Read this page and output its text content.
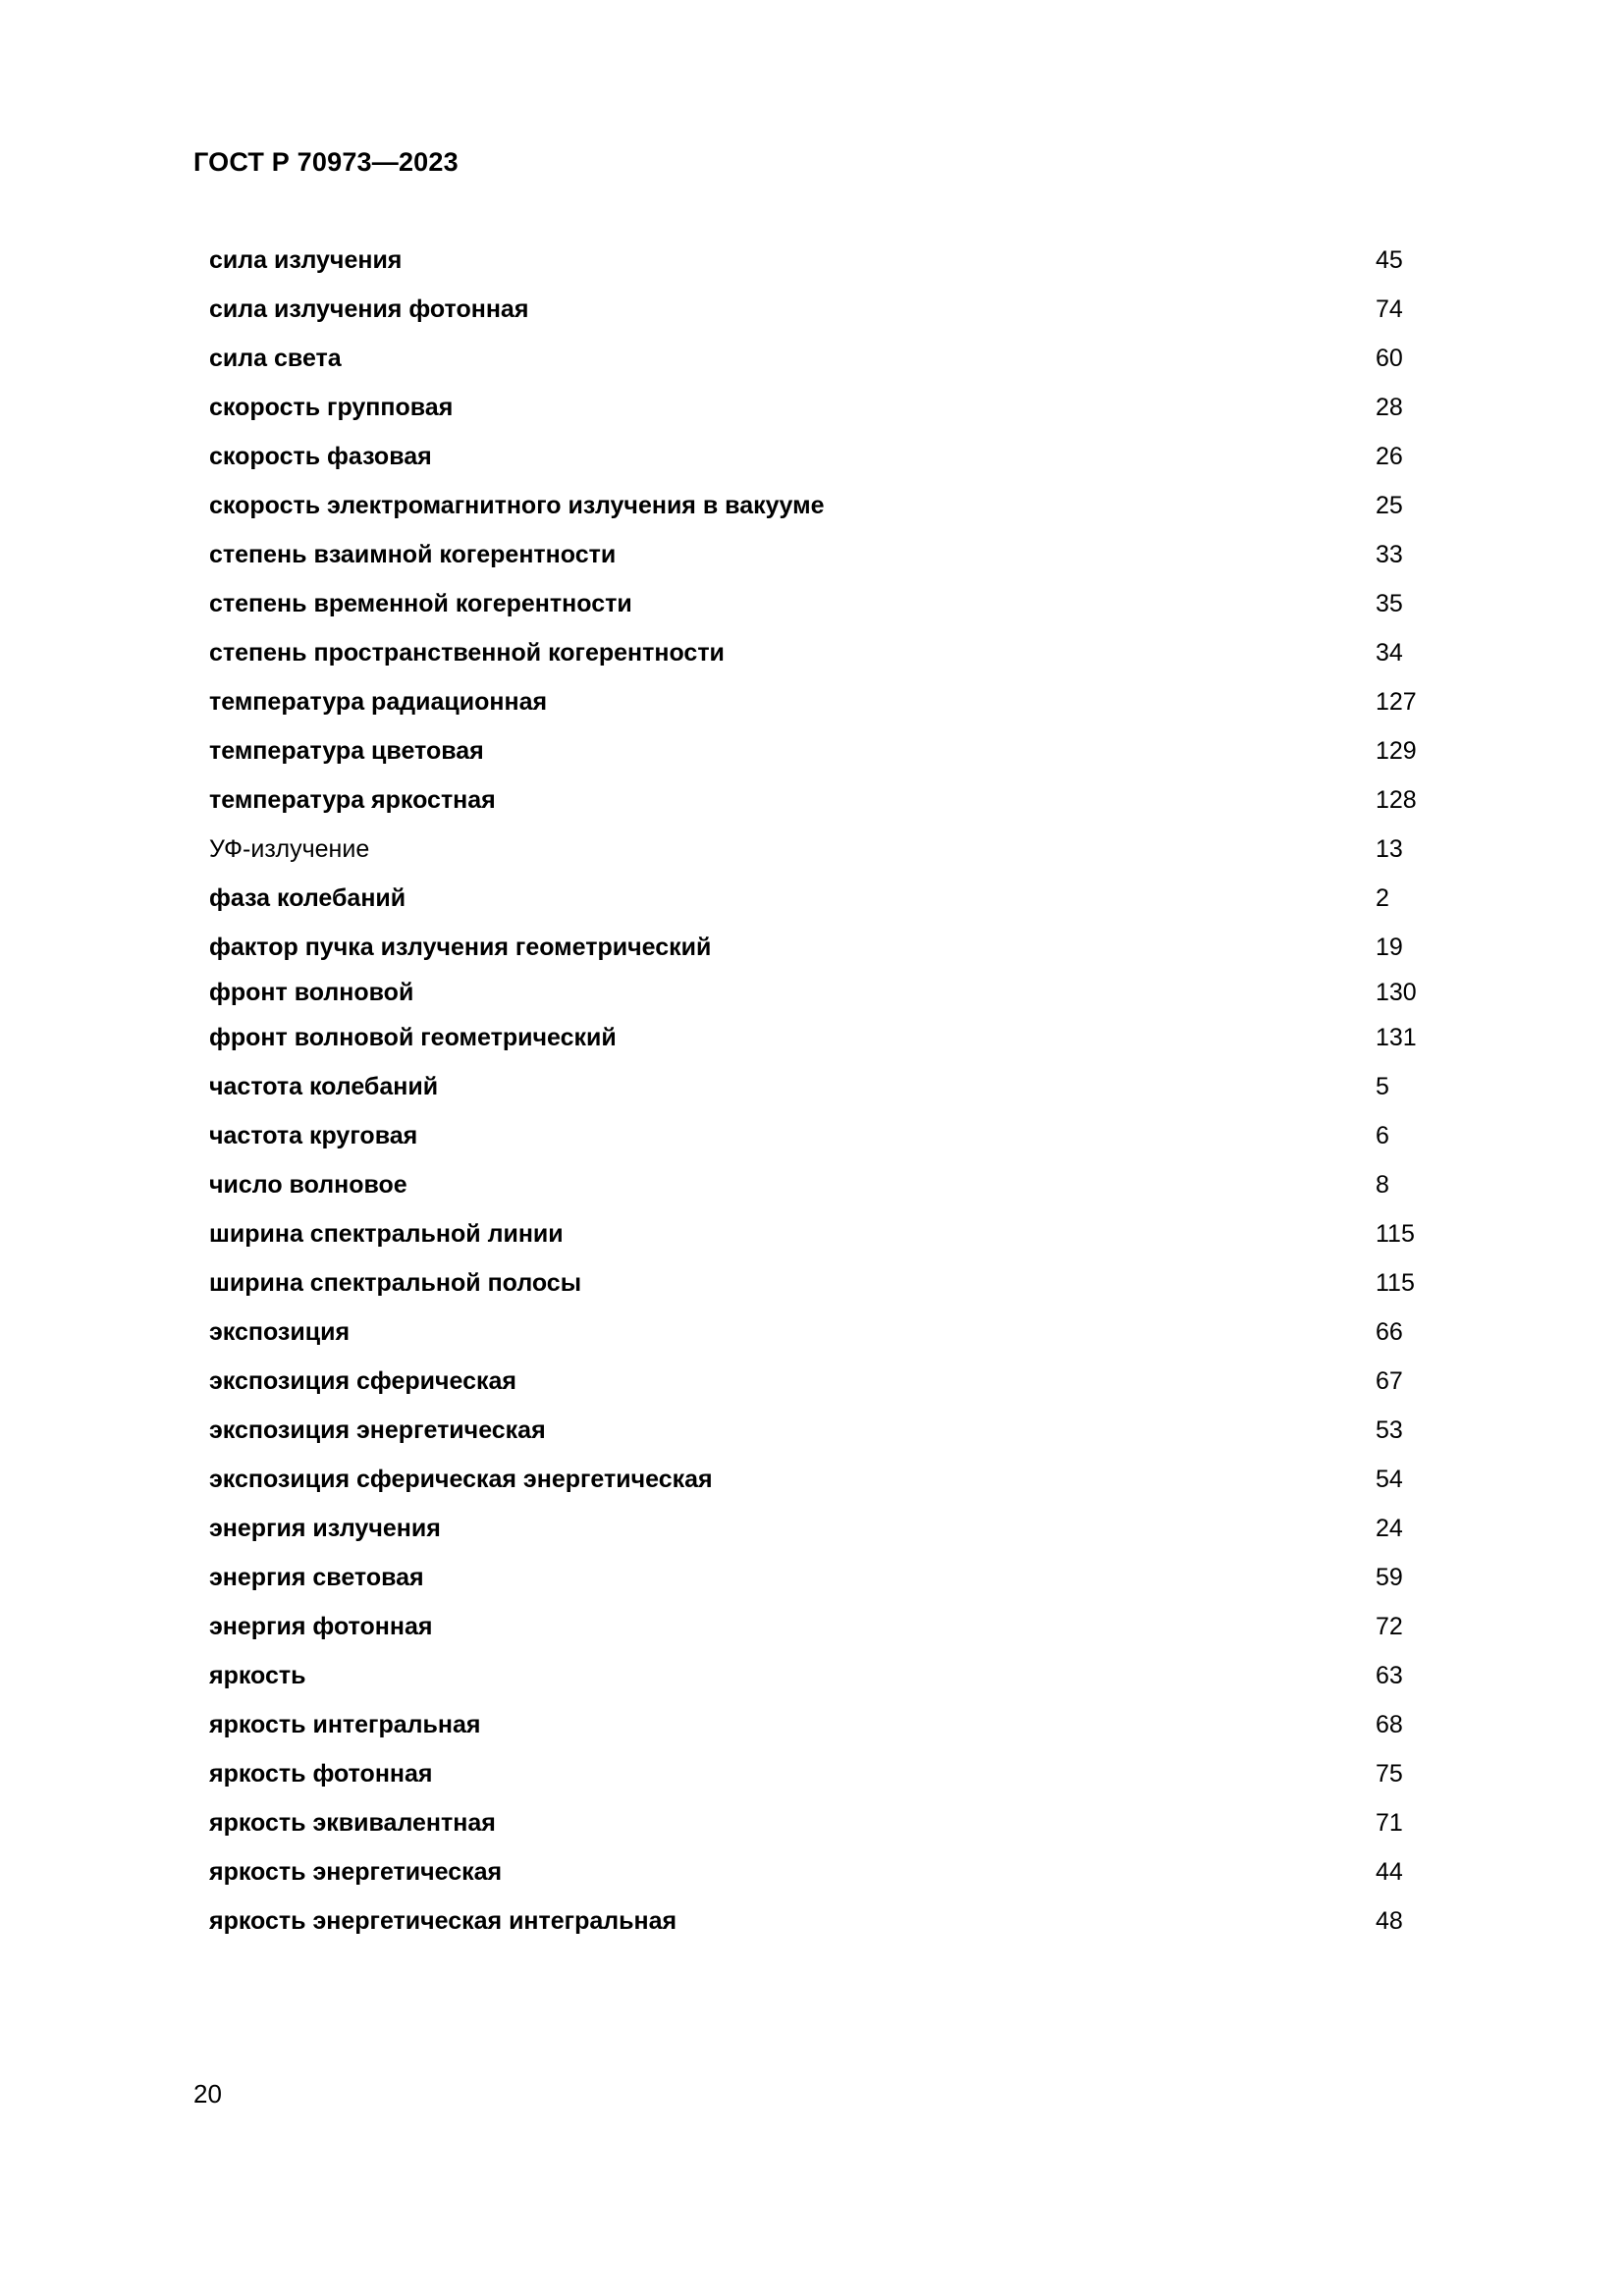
ГОСТ Р 70973—2023
сила излучения	45
сила излучения фотонная	74
сила света	60
скорость групповая	28
скорость фазовая	26
скорость электромагнитного излучения в вакууме	25
степень взаимной когерентности	33
степень временной когерентности	35
степень пространственной когерентности	34
температура радиационная	127
температура цветовая	129
температура яркостная	128
УФ-излучение	13
фаза колебаний	2
фактор пучка излучения геометрический	19
фронт волновой	130
фронт волновой геометрический	131
частота колебаний	5
частота круговая	6
число волновое	8
ширина спектральной линии	115
ширина спектральной полосы	115
экспозиция	66
экспозиция сферическая	67
экспозиция энергетическая	53
экспозиция сферическая энергетическая	54
энергия излучения	24
энергия световая	59
энергия фотонная	72
яркость	63
яркость интегральная	68
яркость фотонная	75
яркость эквивалентная	71
яркость энергетическая	44
яркость энергетическая интегральная	48
20
